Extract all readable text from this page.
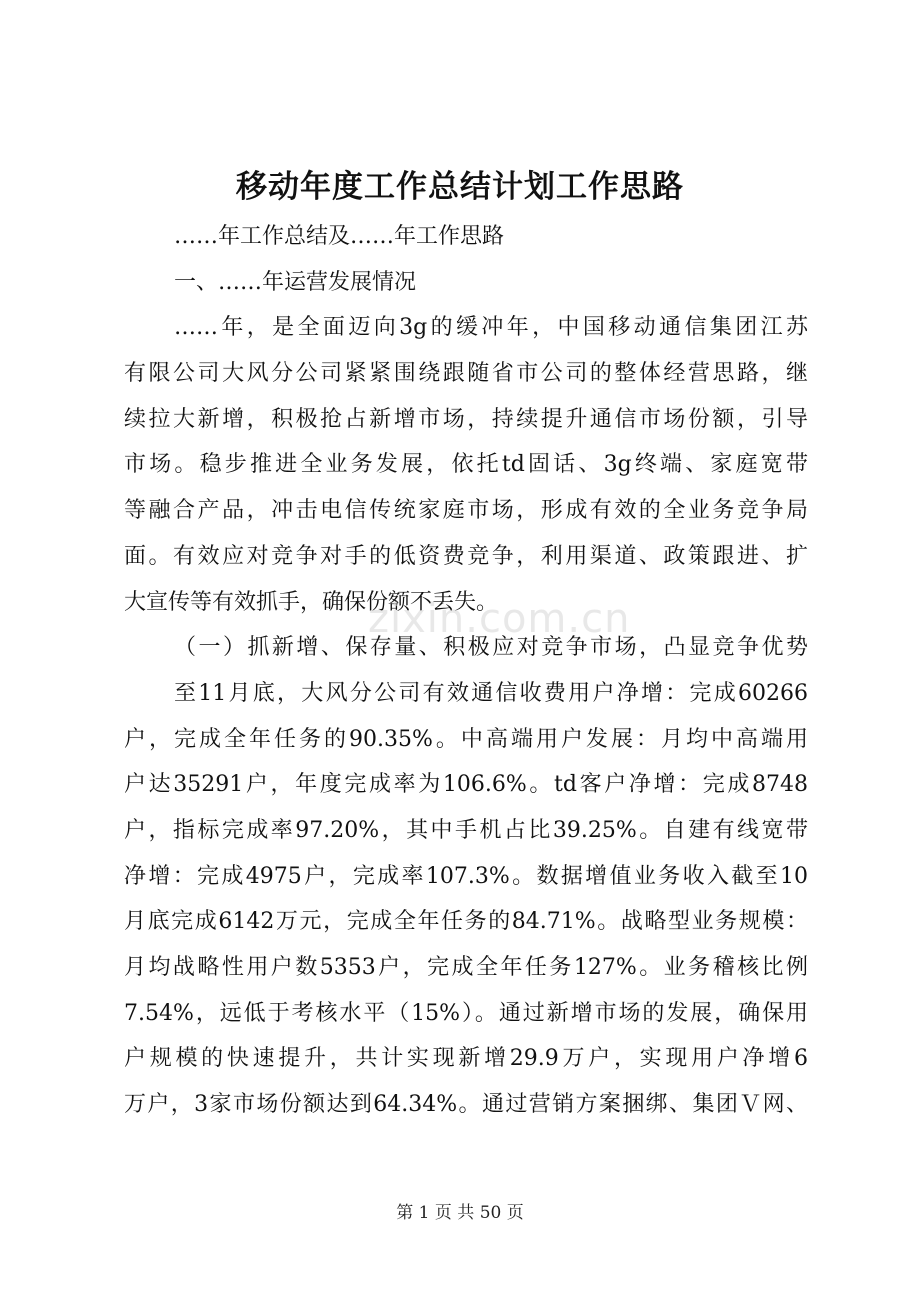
移动年度工作总结计划工作思路
……年工作总结及……年工作思路
一、……年运营发展情况
……年，是全面迈向3g的缓冲年，中国移动通信集团江苏
有限公司大风分公司紧紧围绕跟随省市公司的整体经营思路，继
续拉大新增，积极抢占新增市场，持续提升通信市场份额，引导
市场。稳步推进全业务发展，依托td固话、3g终端、家庭宽带
等融合产品，冲击电信传统家庭市场，形成有效的全业务竞争局
面。有效应对竞争对手的低资费竞争，利用渠道、政策跟进、扩
大宣传等有效抓手，确保份额不丢失。
（一）抓新增、保存量、积极应对竞争市场，凸显竞争优势
至11月底，大风分公司有效通信收费用户净增：完成60266
户，完成全年任务的90.35%。中高端用户发展：月均中高端用
户达35291户，年度完成率为106.6%。td客户净增：完成8748
户，指标完成率97.20%，其中手机占比39.25%。自建有线宽带
净增：完成4975户，完成率107.3%。数据增值业务收入截至10
月底完成6142万元，完成全年任务的84.71%。战略型业务规模：
月均战略性用户数5353户，完成全年任务127%。业务稽核比例
7.54%，远低于考核水平（15%）。通过新增市场的发展，确保用
户规模的快速提升，共计实现新增29.9万户，实现用户净增6
万户，3家市场份额达到64.34%。通过营销方案捆绑、集团Ｖ网、
zixin.com.cn
第 1 页 共 50 页
